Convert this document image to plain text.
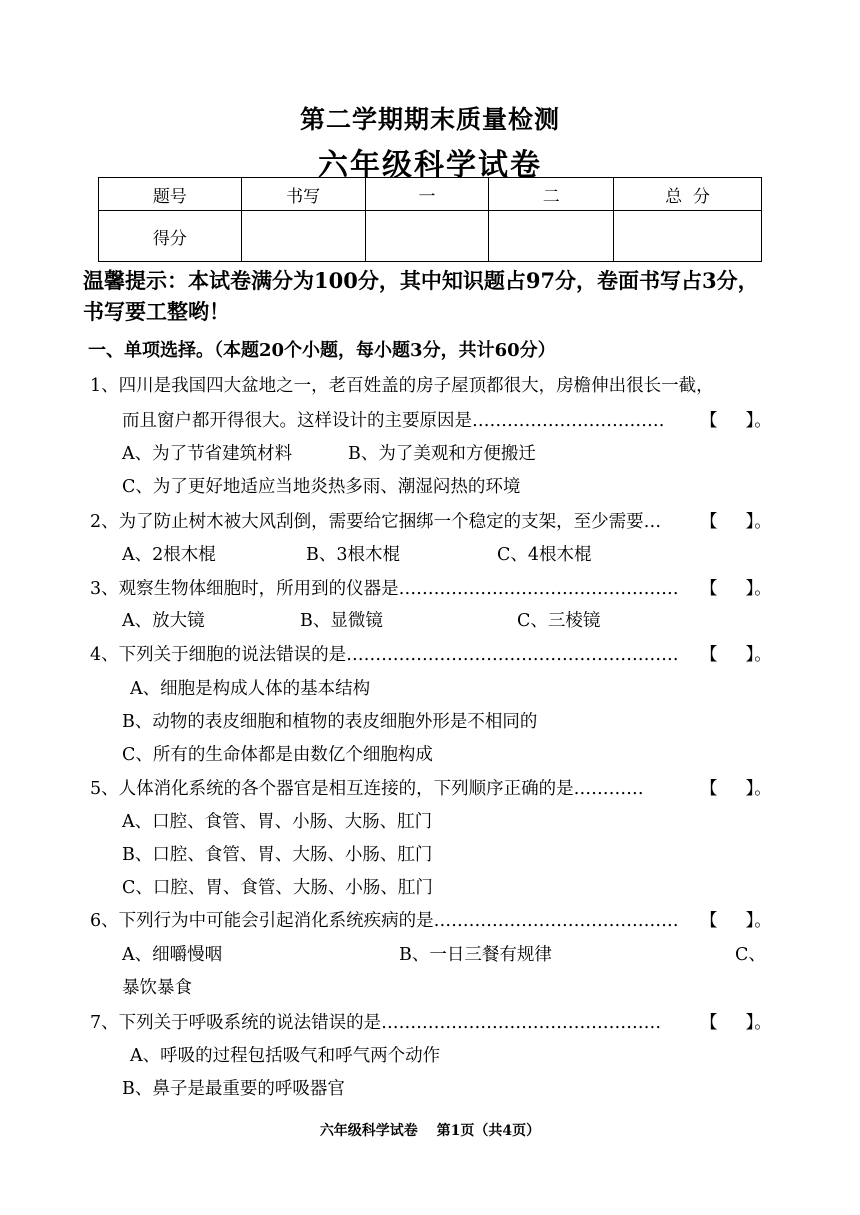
第二学期期末质量检测
六年级科学试卷
题号	书写	一	二	总  分
得分				
温馨提示：本试卷满分为100分，其中知识题占97分，卷面书写占3分，书写要工整哟！
一、单项选择。（本题20个小题，每小题3分，共计60分）
1、四川是我国四大盆地之一，老百姓盖的房子屋顶都很大，房檐伸出很长一截，
而且窗户都开得很大。这样设计的主要原因是…………………………… 【 】。
A、为了节省建筑材料	B、为了美观和方便搬迁
C、为了更好地适应当地炎热多雨、潮湿闷热的环境
2、为了防止树木被大风刮倒，需要给它捆绑一个稳定的支架，至少需要… 【 】。
A、2根木棍	B、3根木棍	C、4根木棍
3、观察生物体细胞时，所用到的仪器是………………………………………… 【 】。
A、放大镜	B、显微镜	C、三棱镜
4、下列关于细胞的说法错误的是………………………………………………… 【 】。
A、细胞是构成人体的基本结构
B、动物的表皮细胞和植物的表皮细胞外形是不相同的
C、所有的生命体都是由数亿个细胞构成
5、人体消化系统的各个器官是相互连接的，下列顺序正确的是…………	【 】。
A、口腔、食管、胃、小肠、大肠、肛门
B、口腔、食管、胃、大肠、小肠、肛门
C、口腔、胃、食管、大肠、小肠、肛门
6、下列行为中可能会引起消化系统疾病的是…………………………………… 【 】。
A、细嚼慢咽	B、一日三餐有规律	C、
暴饮暴食
7、下列关于呼吸系统的说法错误的是………………………………………… 【 】。
A、呼吸的过程包括吸气和呼气两个动作
B、鼻子是最重要的呼吸器官
六年级科学试卷　 第1页（共4页）
